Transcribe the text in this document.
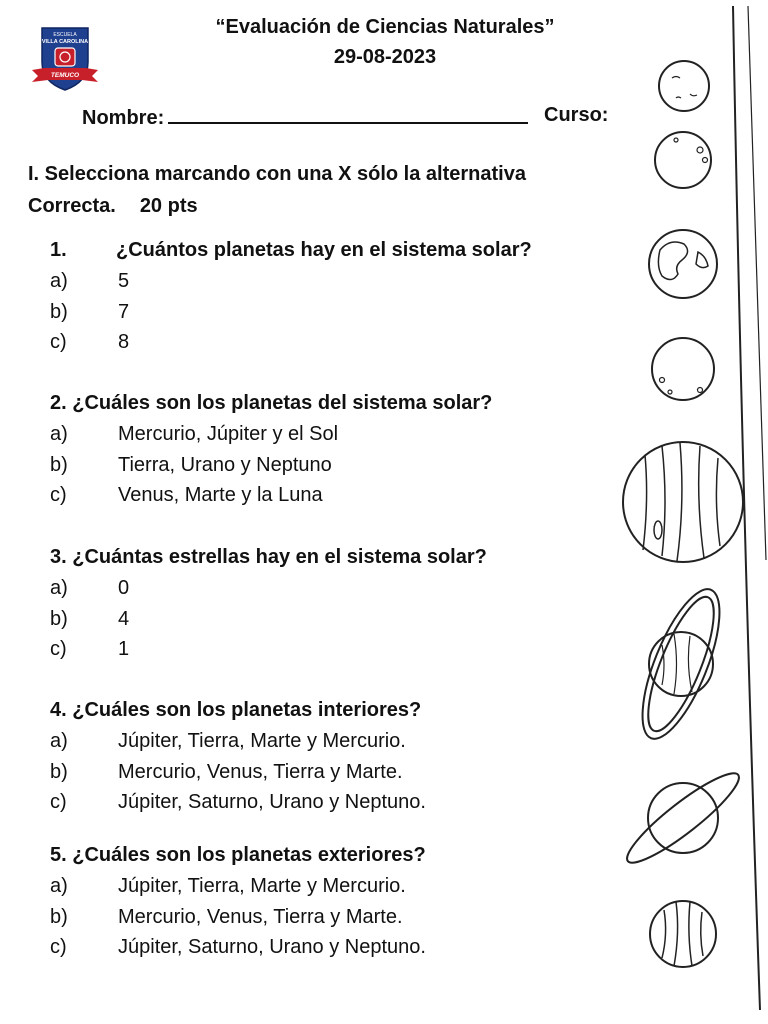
ESCUELA
VILLA CAROLINA
TEMUCO
“Evaluación de Ciencias Naturales”
29-08-2023
Nombre:	Curso:
I. Selecciona marcando con una X sólo la alternativa
Correcta. 20 pts
1. ¿Cuántos planetas hay en el sistema solar?
a)	5
b)	7
c)	8
2. ¿Cuáles son los planetas del sistema solar?
a)	Mercurio, Júpiter y el Sol
b)	Tierra, Urano y Neptuno
c)	Venus, Marte y la Luna
3. ¿Cuántas estrellas hay en el sistema solar?
a)	0
b)	4
c)	1
4. ¿Cuáles son los planetas interiores?
a)	Júpiter, Tierra, Marte y Mercurio.
b)	Mercurio, Venus, Tierra y Marte.
c)	Júpiter, Saturno, Urano y Neptuno.
5. ¿Cuáles son los planetas exteriores?
a)	Júpiter, Tierra, Marte y Mercurio.
b)	Mercurio, Venus, Tierra y Marte.
c)	Júpiter, Saturno, Urano y Neptuno.
